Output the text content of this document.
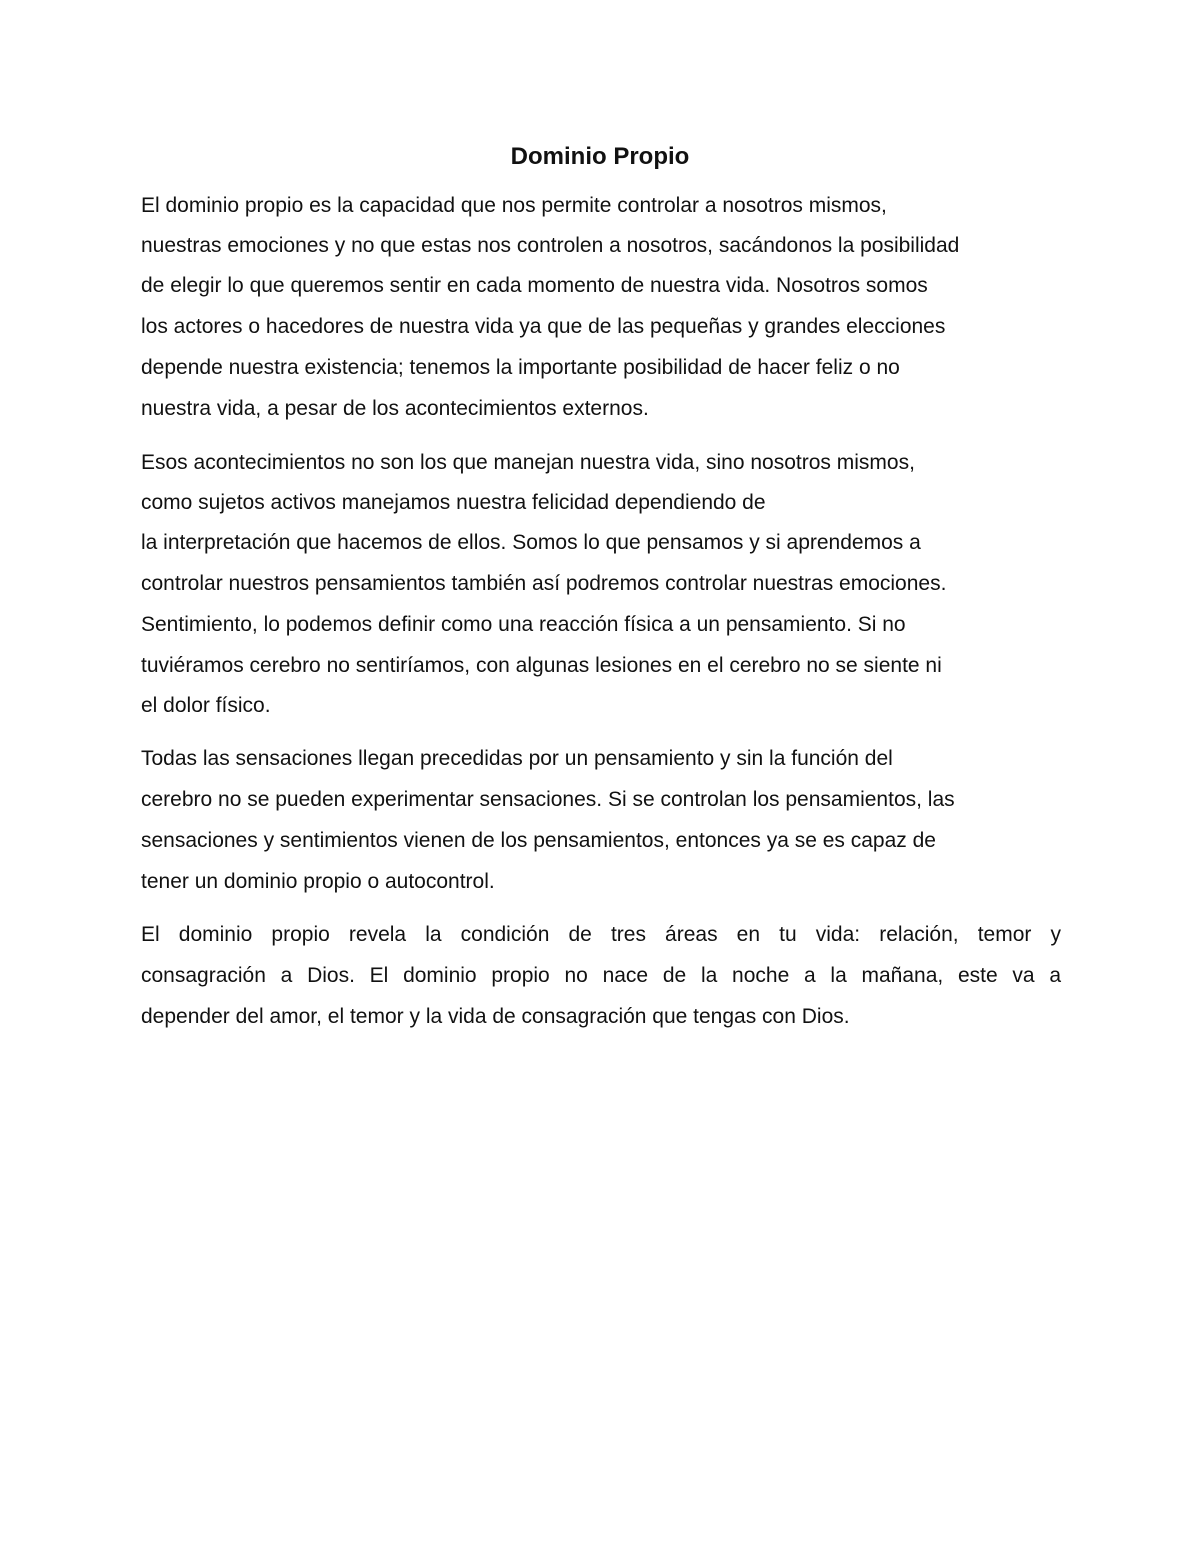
Dominio Propio

El dominio propio es la capacidad que nos permite controlar a nosotros mismos,

nuestras emociones y no que estas nos controlen a nosotros, sacándonos la posibilidad

de elegir lo que queremos sentir en cada momento de nuestra vida. Nosotros somos

los actores o hacedores de nuestra vida ya que de las pequeñas y grandes elecciones

depende nuestra existencia; tenemos la importante posibilidad de hacer feliz o no

nuestra vida, a pesar de los acontecimientos externos.

Esos acontecimientos no son los que manejan nuestra vida, sino nosotros mismos,

como sujetos activos manejamos nuestra felicidad dependiendo de

la interpretación que hacemos de ellos. Somos lo que pensamos y si aprendemos a

controlar nuestros pensamientos también así podremos controlar nuestras emociones.

Sentimiento, lo podemos definir como una reacción física a un pensamiento. Si no

tuviéramos cerebro no sentiríamos, con algunas lesiones en el cerebro no se siente ni

el dolor físico.

Todas las sensaciones llegan precedidas por un pensamiento y sin la función del

cerebro no se pueden experimentar sensaciones. Si se controlan los pensamientos, las

sensaciones y sentimientos vienen de los pensamientos, entonces ya se es capaz de

tener un dominio propio o autocontrol.

El dominio propio revela la condición de tres áreas en tu vida: relación, temor y

consagración a Dios. El dominio propio no nace de la noche a la mañana, este va a

depender del amor, el temor y la vida de consagración que tengas con Dios.
